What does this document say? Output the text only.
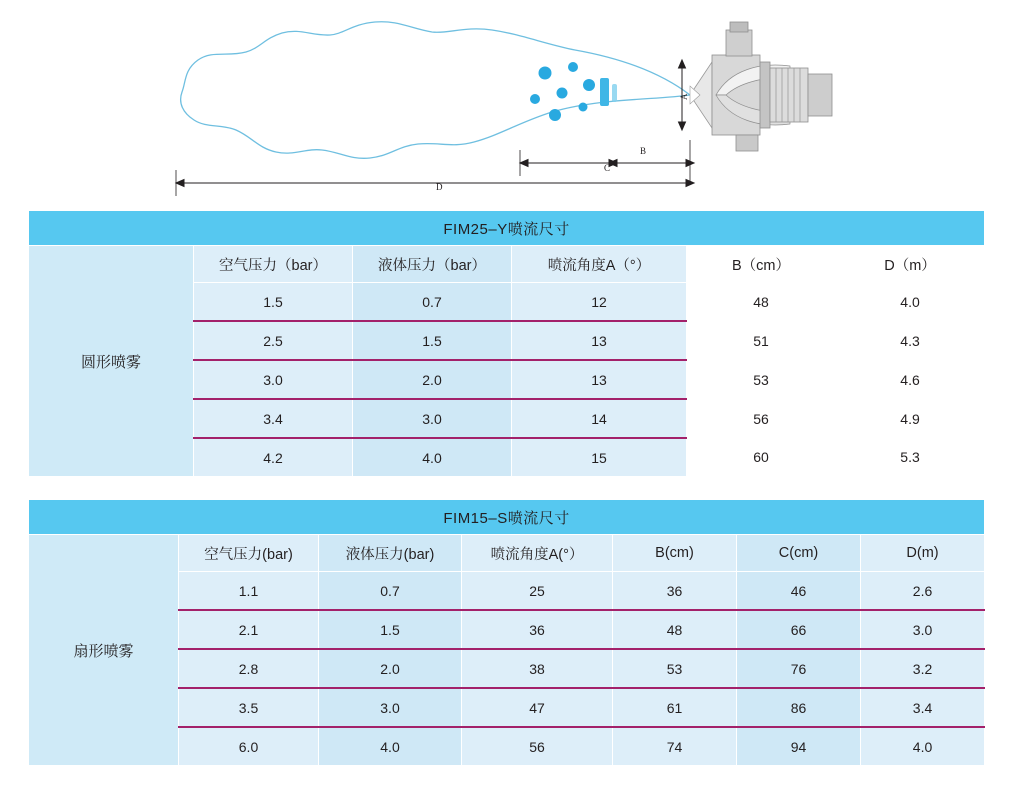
A
B
C
D
FIM25–Y喷流尺寸					
圆形喷雾	空气压力（bar）	液体压力（bar）	喷流角度A（°）	B（cm）	D（m）
	1.5	0.7	12	48	4.0
	2.5	1.5	13	51	4.3
	3.0	2.0	13	53	4.6
	3.4	3.0	14	56	4.9
	4.2	4.0	15	60	5.3
FIM15–S喷流尺寸						
扇形喷雾	空气压力(bar)	液体压力(bar)	喷流角度A(°）	B(cm)	C(cm)	D(m)
	1.1	0.7	25	36	46	2.6
	2.1	1.5	36	48	66	3.0
	2.8	2.0	38	53	76	3.2
	3.5	3.0	47	61	86	3.4
	6.0	4.0	56	74	94	4.0
